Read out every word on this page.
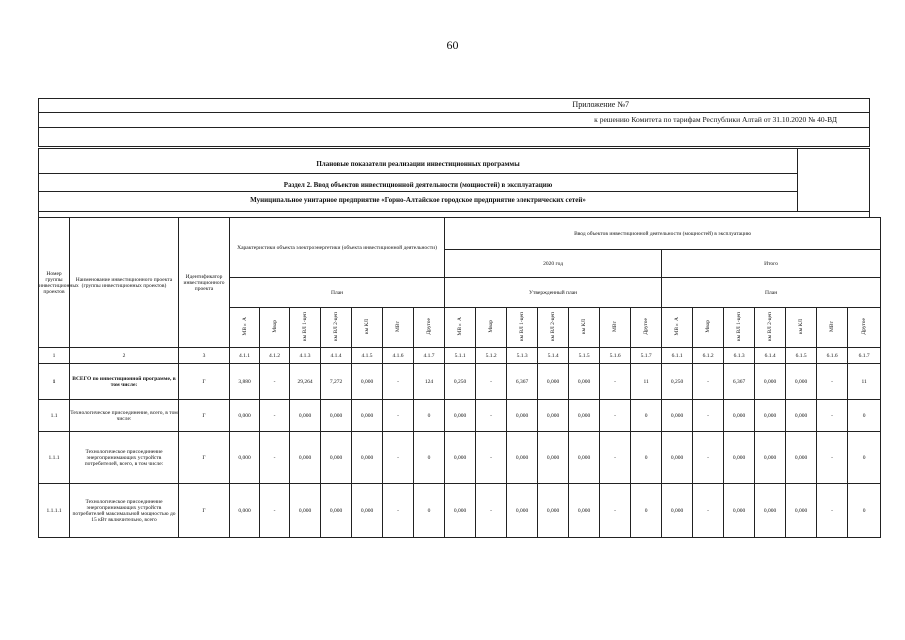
60
Приложение №7
к решению Комитета по тарифам Республики Алтай от 31.10.2020 № 40-ВД
Плановые показатели реализации инвестиционных программы
Раздел 2. Ввод объектов инвестиционной деятельности (мощностей) в эксплуатацию
Муниципальное унитарное предприятие «Горно-Алтайское городское предприятие электрических сетей»
Номер группы инвестиционных проектов	Наименование инвестиционного проекта (группы инвестиционных проектов)	Идентификатор инвестиционного проекта	Характеристики объекта электроэнергетики (объекта инвестиционной деятельности)							Ввод объектов инвестиционной деятельности (мощностей) в эксплуатацию													
										2020 год							Итого						
			План							Утвержденный план							План						
			МВ×А	Мвар	км ВЛ 1-цеп	км ВЛ 2-цеп	км КЛ	МВт	Другое	МВ×А	Мвар	км ВЛ 1-цеп	км ВЛ 2-цеп	км КЛ	МВт	Другое	МВ×А	Мвар	км ВЛ 1-цеп	км ВЛ 2-цеп	км КЛ	МВт	Другое
1	2	3	4.1.1	4.1.2	4.1.3	4.1.4	4.1.5	4.1.6	4.1.7	5.1.1	5.1.2	5.1.3	5.1.4	5.1.5	5.1.6	5.1.7	6.1.1	6.1.2	6.1.3	6.1.4	6.1.5	6.1.6	6.1.7
1	ВСЕГО по инвестиционной программе, в том числе:	Г	3,880	-	29,264	7,272	0,000	-	124	0,250	-	6,367	0,000	0,000	-	11	0,250	-	6,367	0,000	0,000	-	11
1.1	Технологическое присоединение, всего, в том числе:	Г	0,000	-	0,000	0,000	0,000	-	0	0,000	-	0,000	0,000	0,000	-	0	0,000	-	0,000	0,000	0,000	-	0
1.1.1	Технологическое присоединение энергопринимающих устройств потребителей, всего, в том числе:	Г	0,000	-	0,000	0,000	0,000	-	0	0,000	-	0,000	0,000	0,000	-	0	0,000	-	0,000	0,000	0,000	-	0
1.1.1.1	Технологическое присоединение энергопринимающих устройств потребителей максимальной мощностью до 15 кВт включительно, всего	Г	0,000	-	0,000	0,000	0,000	-	0	0,000	-	0,000	0,000	0,000	-	0	0,000	-	0,000	0,000	0,000	-	0
